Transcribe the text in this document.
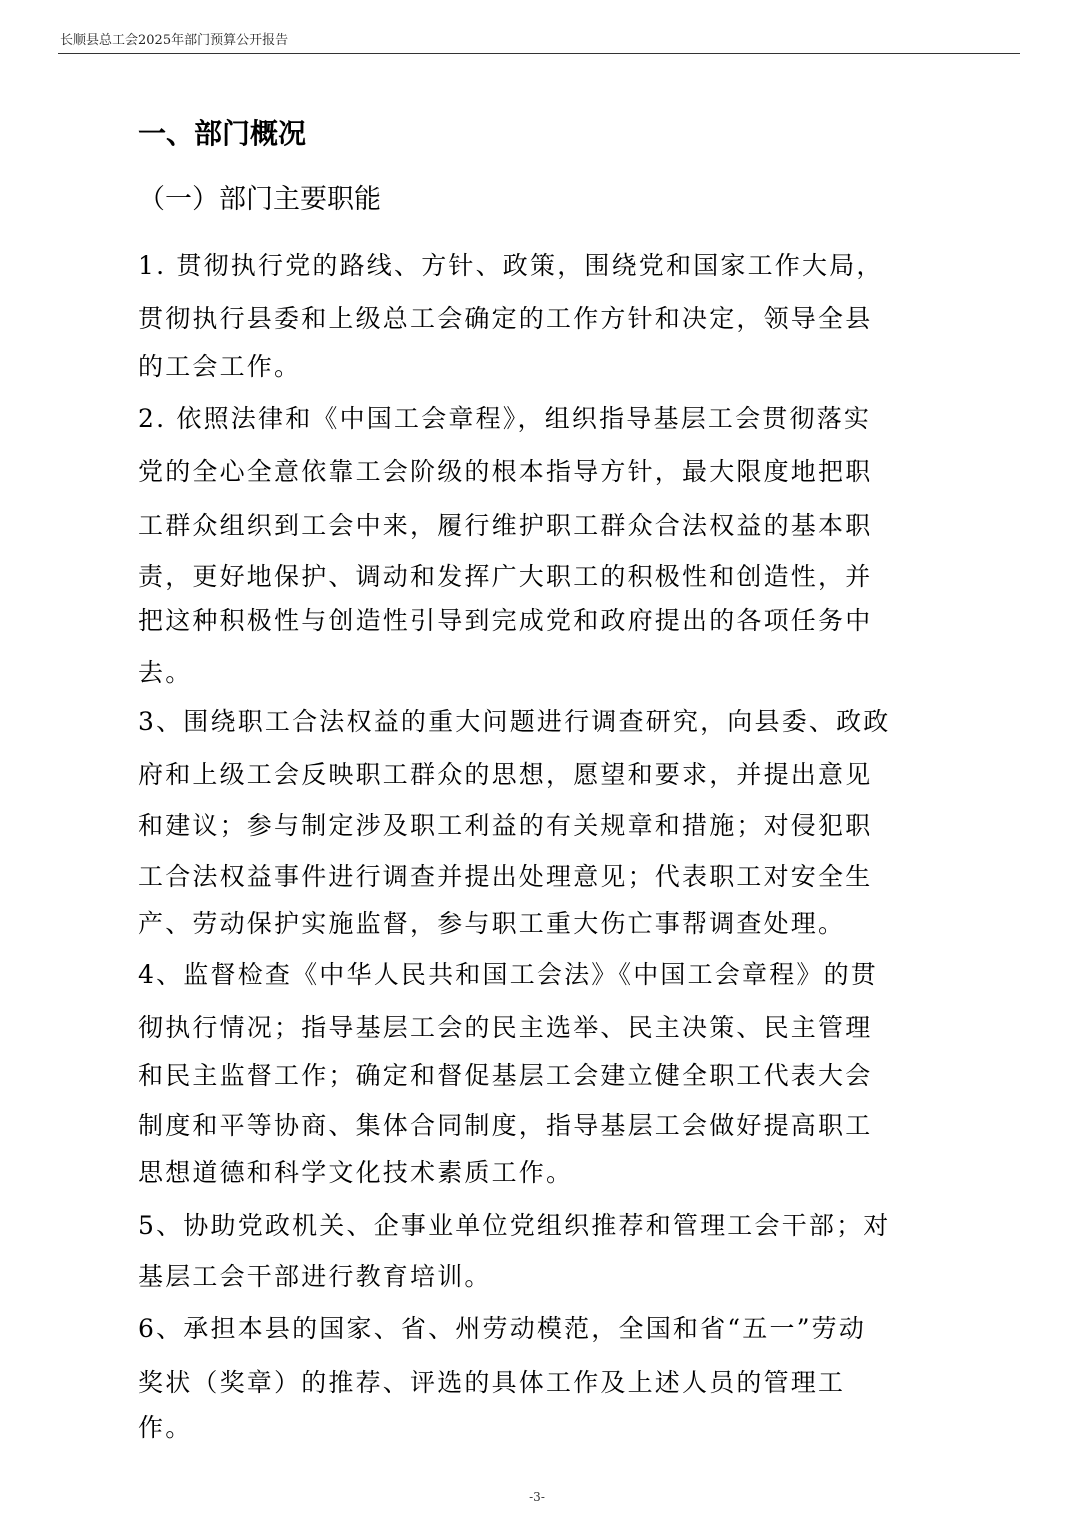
长顺县总工会2025年部门预算公开报告
一、部门概况
（一）部门主要职能
1. 贯彻执行党的路线、方针、政策，围绕党和国家工作大局，
贯彻执行县委和上级总工会确定的工作方针和决定，领导全县
的工会工作。
2. 依照法律和《中国工会章程》，组织指导基层工会贯彻落实
党的全心全意依靠工会阶级的根本指导方针，最大限度地把职
工群众组织到工会中来，履行维护职工群众合法权益的基本职
责，更好地保护、调动和发挥广大职工的积极性和创造性，并
把这种积极性与创造性引导到完成党和政府提出的各项任务中
去。
3、围绕职工合法权益的重大问题进行调查研究，向县委、政政
府和上级工会反映职工群众的思想，愿望和要求，并提出意见
和建议；参与制定涉及职工利益的有关规章和措施；对侵犯职
工合法权益事件进行调查并提出处理意见；代表职工对安全生
产、劳动保护实施监督，参与职工重大伤亡事帮调查处理。
4、监督检查《中华人民共和国工会法》《中国工会章程》的贯
彻执行情况；指导基层工会的民主选举、民主决策、民主管理
和民主监督工作；确定和督促基层工会建立健全职工代表大会
制度和平等协商、集体合同制度，指导基层工会做好提高职工
思想道德和科学文化技术素质工作。
5、协助党政机关、企事业单位党组织推荐和管理工会干部；对
基层工会干部进行教育培训。
6、承担本县的国家、省、州劳动模范，全国和省“五一”劳动
奖状（奖章）的推荐、评选的具体工作及上述人员的管理工
作。
-3-
